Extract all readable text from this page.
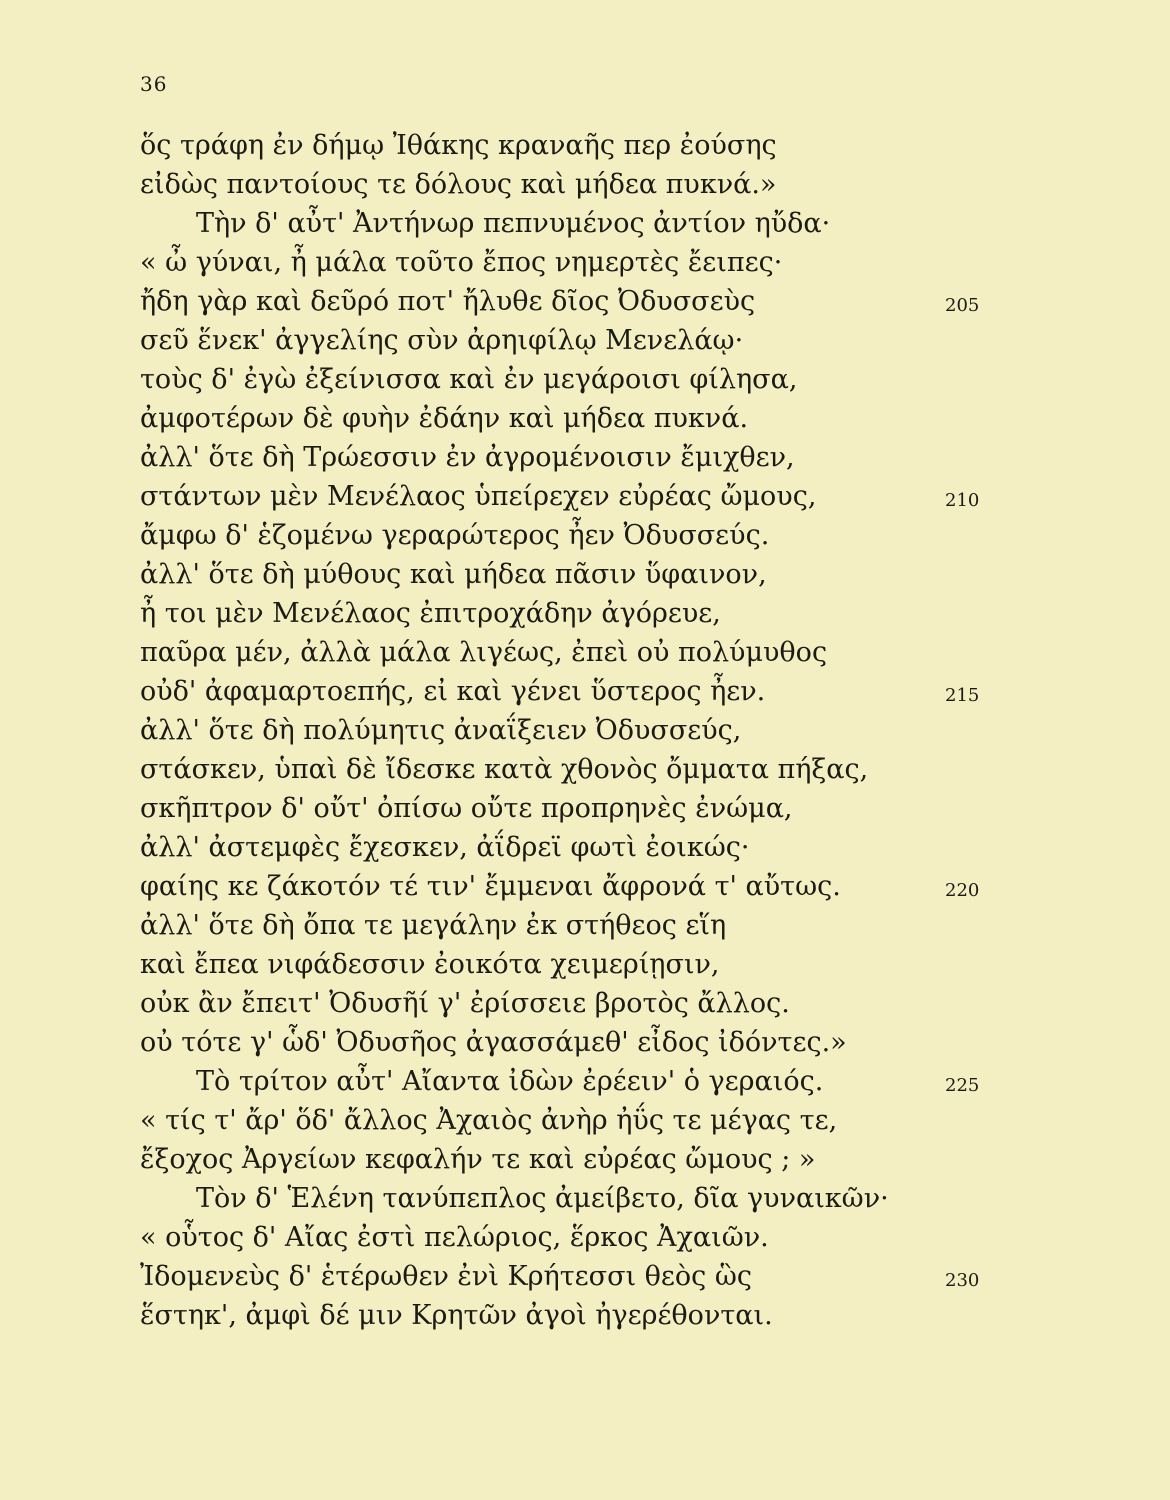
36
ὅς τράφη ἐν δήμῳ Ἰθάκης κραναῆς περ ἐούσης
εἰδὼς παντοίους τε δόλους καὶ μήδεα πυκνά.»
Τὴν δ' αὖτ' Ἀντήνωρ πεπνυμένος ἀντίον ηὔδα·
« ὦ γύναι, ἦ μάλα τοῦτο ἔπος νημερτὲς ἔειπες·
ἤδη γὰρ καὶ δεῦρό ποτ' ἤλυθε δῖος Ὀδυσσεὺς	205
σεῦ ἕνεκ' ἀγγελίης σὺν ἀρηιφίλῳ Μενελάῳ·
τοὺς δ' ἐγὼ ἐξείνισσα καὶ ἐν μεγάροισι φίλησα,
ἀμφοτέρων δὲ φυὴν ἐδάην καὶ μήδεα πυκνά.
ἀλλ' ὅτε δὴ Τρώεσσιν ἐν ἀγρομένοισιν ἔμιχθεν,
στάντων μὲν Μενέλαος ὑπείρεχεν εὐρέας ὤμους,	210
ἄμφω δ' ἑζομένω γεραρώτερος ἦεν Ὀδυσσεύς.
ἀλλ' ὅτε δὴ μύθους καὶ μήδεα πᾶσιν ὕφαινον,
ἦ τοι μὲν Μενέλαος ἐπιτροχάδην ἀγόρευε,
παῦρα μέν, ἀλλὰ μάλα λιγέως, ἐπεὶ οὐ πολύμυθος
οὐδ' ἀφαμαρτοεπής, εἰ καὶ γένει ὕστερος ἦεν.	215
ἀλλ' ὅτε δὴ πολύμητις ἀναΐξειεν Ὀδυσσεύς,
στάσκεν, ὑπαὶ δὲ ἴδεσκε κατὰ χθονὸς ὄμματα πήξας,
σκῆπτρον δ' οὔτ' ὀπίσω οὔτε προπρηνὲς ἐνώμα,
ἀλλ' ἀστεμφὲς ἔχεσκεν, ἀΐδρεϊ φωτὶ ἐοικώς·
φαίης κε ζάκοτόν τέ τιν' ἔμμεναι ἄφρονά τ' αὔτως.	220
ἀλλ' ὅτε δὴ ὄπα τε μεγάλην ἐκ στήθεος εἵη
καὶ ἔπεα νιφάδεσσιν ἐοικότα χειμερίῃσιν,
οὐκ ἂν ἔπειτ' Ὀδυσῆί γ' ἐρίσσειε βροτὸς ἄλλος.
οὐ τότε γ' ὧδ' Ὀδυσῆος ἀγασσάμεθ' εἶδος ἰδόντες.»
Τὸ τρίτον αὖτ' Αἴαντα ἰδὼν ἐρέειν' ὁ γεραιός.	225
« τίς τ' ἄρ' ὅδ' ἄλλος Ἀχαιὸς ἀνὴρ ἠΰς τε μέγας τε,
ἔξοχος Ἀργείων κεφαλήν τε καὶ εὐρέας ὤμους ; »
Τὸν δ' Ἑλένη τανύπεπλος ἀμείβετο, δῖα γυναικῶν·
« οὗτος δ' Αἴας ἐστὶ πελώριος, ἕρκος Ἀχαιῶν.
Ἰδομενεὺς δ' ἑτέρωθεν ἐνὶ Κρήτεσσι θεὸς ὣς	230
ἕστηκ', ἀμφὶ δέ μιν Κρητῶν ἀγοὶ ἠγερέθονται.
